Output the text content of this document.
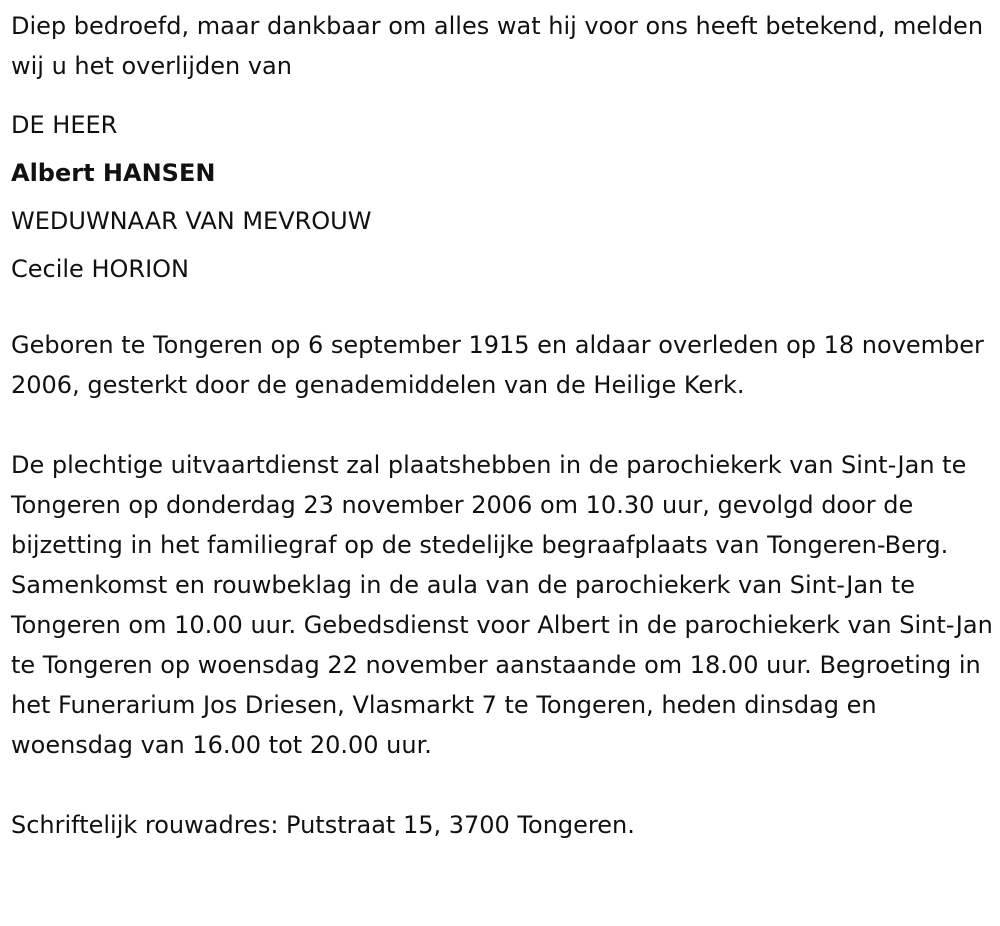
Diep bedroefd, maar dankbaar om alles wat hij voor ons heeft betekend, melden wij u het overlijden van

DE HEER
Albert HANSEN
WEDUWNAAR VAN MEVROUW
Cecile HORION

Geboren te Tongeren op 6 september 1915 en aldaar overleden op 18 november 2006, gesterkt door de genademiddelen van de Heilige Kerk.

De plechtige uitvaartdienst zal plaatshebben in de parochiekerk van Sint-Jan te Tongeren op donderdag 23 november 2006 om 10.30 uur, gevolgd door de bijzetting in het familiegraf op de stedelijke begraafplaats van Tongeren-Berg. Samenkomst en rouwbeklag in de aula van de parochiekerk van Sint-Jan te Tongeren om 10.00 uur. Gebedsdienst voor Albert in de parochiekerk van Sint-Jan te Tongeren op woensdag 22 november aanstaande om 18.00 uur. Begroeting in het Funerarium Jos Driesen, Vlasmarkt 7 te Tongeren, heden dinsdag en woensdag van 16.00 tot 20.00 uur.

Schriftelijk rouwadres: Putstraat 15, 3700 Tongeren.
